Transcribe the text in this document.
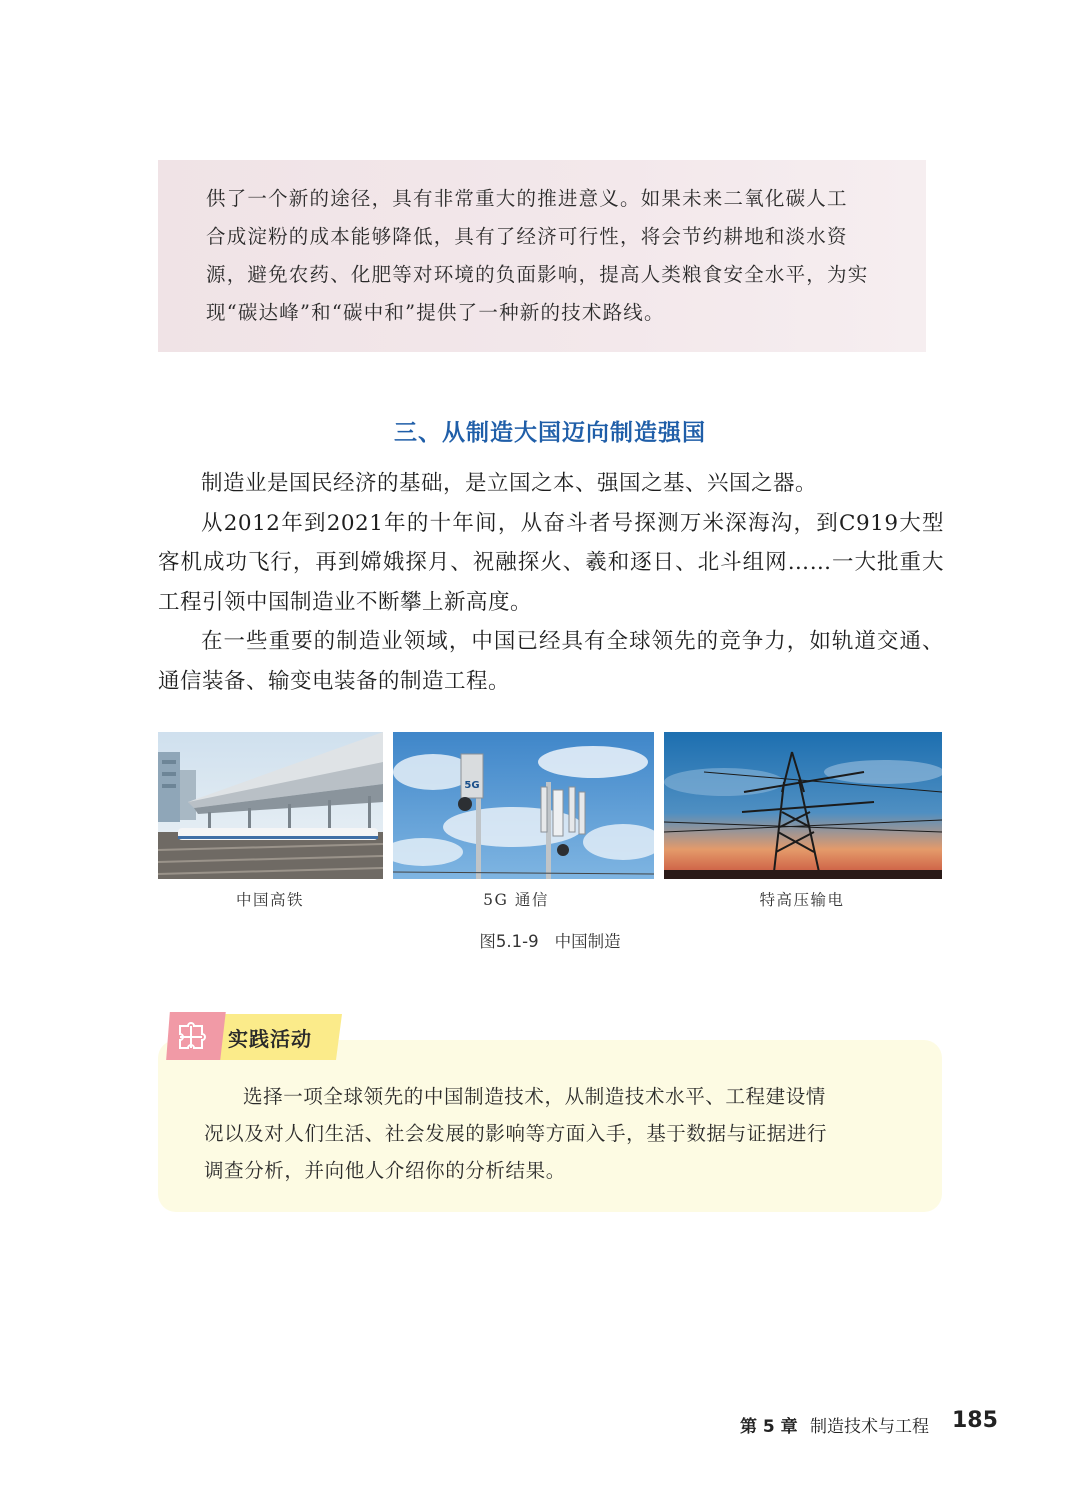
供了一个新的途径，具有非常重大的推进意义。如果未来二氧化碳人工

合成淀粉的成本能够降低，具有了经济可行性，将会节约耕地和淡水资

源，避免农药、化肥等对环境的负面影响，提高人类粮食安全水平，为实

现“碳达峰”和“碳中和”提供了一种新的技术路线。

三、从制造大国迈向制造强国

制造业是国民经济的基础，是立国之本、强国之基、兴国之器。

从2012年到2021年的十年间，从奋斗者号探测万米深海沟，到C919大型客机成功飞行，再到嫦娥探月、祝融探火、羲和逐日、北斗组网……一大批重大工程引领中国制造业不断攀上新高度。

在一些重要的制造业领域，中国已经具有全球领先的竞争力，如轨道交通、通信装备、输变电装备的制造工程。

5G
中国高铁	5G 通信	特高压输电
图5.1-9 中国制造

选择一项全球领先的中国制造技术，从制造技术水平、工程建设情

况以及对人们生活、社会发展的影响等方面入手，基于数据与证据进行

调查分析，并向他人介绍你的分析结果。

实践活动
第 5 章 制造技术与工程 185
